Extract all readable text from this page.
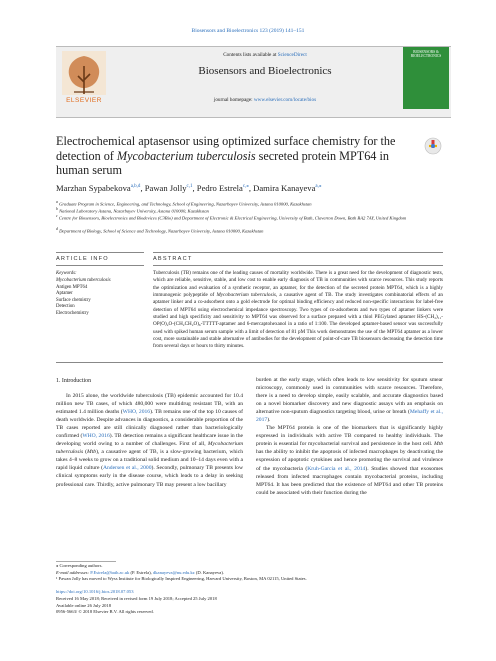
Biosensors and Bioelectronics 123 (2019) 141–151
ELSEVIER
Contents lists available at ScienceDirect
Biosensors and Bioelectronics
journal homepage: www.elsevier.com/locate/bios
BIOSENSORS & BIOELECTRONICS
Electrochemical aptasensor using optimized surface chemistry for the detection of Mycobacterium tuberculosis secreted protein MPT64 in human serum
Marzhan Sypabekova$^{a,b,d}$, Pawan Jolly$^{c,1}$, Pedro Estrela$^{c,⁎}$, Damira Kanayeva$^{a,⁎}$
$^a$ Graduate Program in Science, Engineering, and Technology, School of Engineering, Nazarbayev University, Astana 010000, Kazakhstan
$^b$ National Laboratory Astana, Nazarbayev University, Astana 010000, Kazakhstan
$^c$ Centre for Biosensors, Bioelectronics and Biodevices (C3Bio) and Department of Electronic & Electrical Engineering, University of Bath, Claverton Down, Bath BA2 7AY, United Kingdom
$^d$ Department of Biology, School of Science and Technology, Nazarbayev University, Astana 010000, Kazakhstan
ARTICLE INFO	ABSTRACT
Keywords:
Mycobacterium tuberculosis
Antigen MPT64
Aptamer
Surface chemistry
Detection
Electrochemistry
Tuberculosis (TB) remains one of the leading causes of mortality worldwide. There is a great need for the development of diagnostic tests, which are reliable, sensitive, stable, and low cost to enable early diagnosis of TB in communities with scarce resources. This study reports the optimization and evaluation of a synthetic receptor, an aptamer, for the detection of the secreted protein MPT64, which is a highly immunogenic polypeptide of Mycobacterium tuberculosis, a causative agent of TB. The study investigates combinatorial effects of an aptamer linker and a co-adsorbent onto a gold electrode for optimal binding efficiency and reduced non-specific interactions for label-free detection of MPT64 using electrochemical impedance spectroscopy. Two types of co-adsorbents and two types of aptamer linkers were studied and high specificity and sensitivity to MPT64 was observed for a surface prepared with a thiol PEGylated aptamer HS-(CH₂)₁₁-OP(O)₂O-(CH₂CH₂O)₆-TTTTT-aptamer and 6-mercaptohexanol in a ratio of 1:100. The developed aptamer-based sensor was successfully used with spiked human serum sample with a limit of detection of 81 pM This work demonstrates the use of the MPT64 aptamer as a lower cost, more sustainable and stable alternative of antibodies for the development of point-of-care TB biosensors decreasing the detection time from several days or hours to thirty minutes.
1. Introduction
In 2015 alone, the worldwide tuberculosis (TB) epidemic accounted for 10.4 million new TB cases, of which 480,000 were multidrug resistant TB, with an estimated 1.4 million deaths (WHO, 2016). TB remains one of the top 10 causes of death worldwide. Despite advances in diagnostics, a considerable proportion of the TB cases reported are still clinically diagnosed rather than bacteriologically confirmed (WHO, 2016). TB detection remains a significant healthcare issue in the developing world owing to a number of challenges. First of all, Mycobacterium tuberculosis (Mtb), a causative agent of TB, is a slow-growing bacterium, which takes 4–8 weeks to grow on a traditional solid medium and 10–14 days even with a rapid liquid culture (Andersen et al., 2000). Secondly, pulmonary TB presents low clinical symptoms early in the disease course, which leads to a delay in seeking professional care. Thirdly, active pulmonary TB may present a low bacillary
burden at the early stage, which often leads to low sensitivity for sputum smear microscopy, commonly used in communities with scarce resources. Therefore, there is a need to develop simple, easily scalable, and accurate diagnostics based on a novel biomarker discovery and new diagnostic assays with an emphasis on alternative non-sputum diagnostics targeting blood, urine or breath (Mehaffy et al., 2017).
The MPT64 protein is one of the biomarkers that is significantly highly expressed in individuals with active TB compared to healthy individuals. The protein is essential for mycobacterial survival and persistence in the host cell. Mtb has the ability to inhibit the apoptosis of infected macrophages by deactivating the expression of apoptotic cytokines and hence promoting the survival and virulence of the mycobacteria (Kruh-Garcia et al., 2014). Studies showed that exosomes released from infected macrophages contain mycobacterial proteins, including MPT64. It has been predicted that the existence of MPT64 and other TB proteins could be associated with their function during the
⁎ Corresponding authors.
E-mail addresses: P.Estrela@bath.ac.uk (P. Estrela), dkanayeva@nu.edu.kz (D. Kanayeva).
¹ Pawan Jolly has moved to Wyss Institute for Biologically Inspired Engineering, Harvard University, Boston, MA 02115, United States.
https://doi.org/10.1016/j.bios.2018.07.053
Received 16 May 2018; Received in revised form 19 July 2018; Accepted 25 July 2018
Available online 26 July 2018
0956-5663/ © 2018 Elsevier B.V. All rights reserved.
